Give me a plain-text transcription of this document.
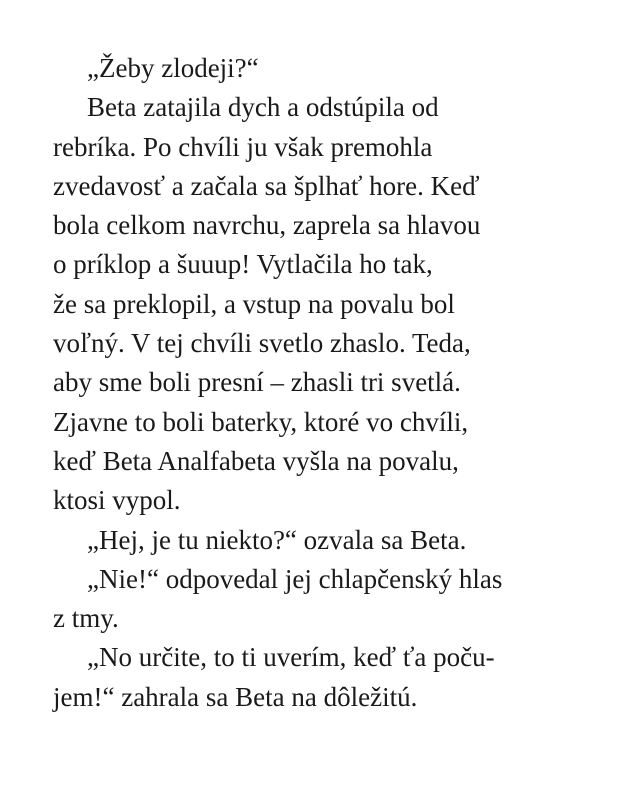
„Žeby zlodeji?“
Beta zatajila dych a odstúpila od
rebríka. Po chvíli ju však premohla
zvedavosť a začala sa šplhať hore. Keď
bola celkom navrchu, zaprela sa hlavou
o príklop a šuuup! Vytlačila ho tak,
že sa preklopil, a vstup na povalu bol
voľný. V tej chvíli svetlo zhaslo. Teda,
aby sme boli presní – zhasli tri svetlá.
Zjavne to boli baterky, ktoré vo chvíli,
keď Beta Analfabeta vyšla na povalu,
ktosi vypol.
„Hej, je tu niekto?“ ozvala sa Beta.
„Nie!“ odpovedal jej chlapčenský hlas
z tmy.
„No určite, to ti uverím, keď ťa poču-
jem!“ zahrala sa Beta na dôležitú.
